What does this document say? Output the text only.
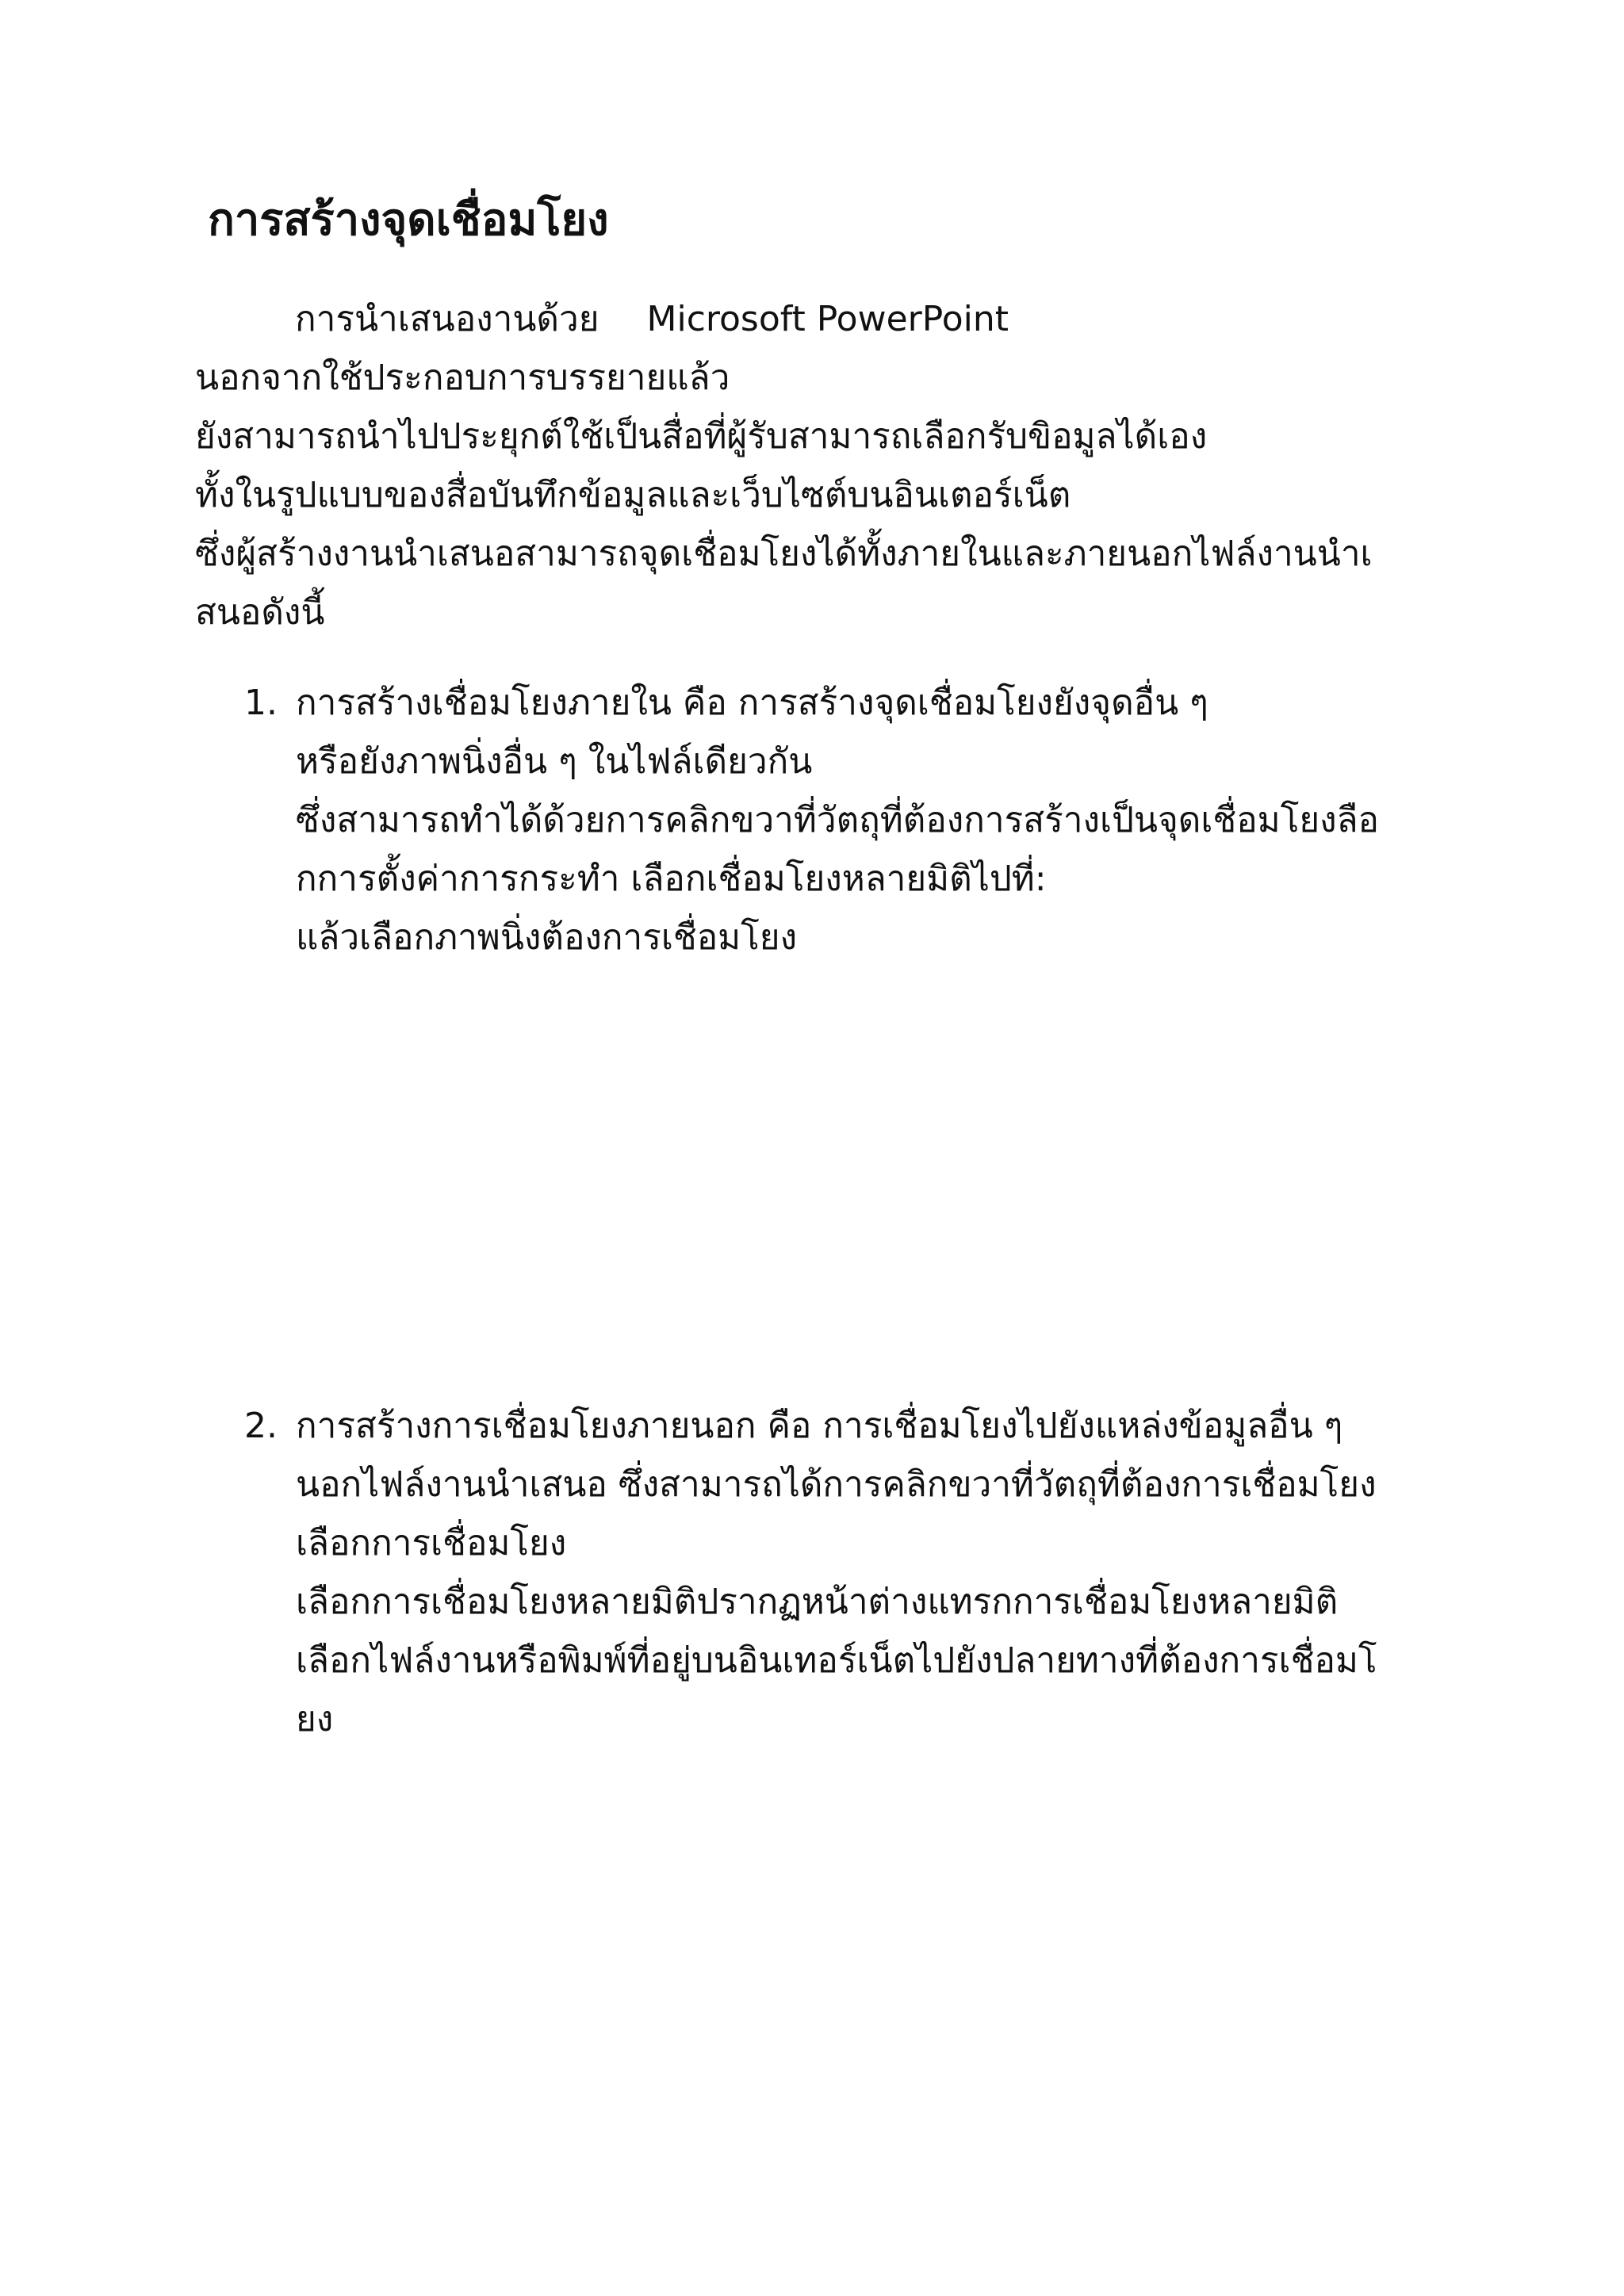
การสร้างจุดเชื่อมโยง
การนำเสนองานด้วย Microsoft PowerPoint
นอกจากใช้ประกอบการบรรยายแล้ว
ยังสามารถนำไปประยุกต์ใช้เป็นสื่อที่ผู้รับสามารถเลือกรับขิอมูลได้เอง
ทั้งในรูปแบบของสื่อบันทึกข้อมูลและเว็บไซต์บนอินเตอร์เน็ต
ซึ่งผู้สร้างงานนำเสนอสามารถจุดเชื่อมโยงได้ทั้งภายในและภายนอกไฟล์งานนำเ
สนอดังนี้
1. การสร้างเชื่อมโยงภายใน คือ การสร้างจุดเชื่อมโยงยังจุดอื่น ๆ
หรือยังภาพนิ่งอื่น ๆ ในไฟล์เดียวกัน
ซึ่งสามารถทำได้ด้วยการคลิกขวาที่วัตถุที่ต้องการสร้างเป็นจุดเชื่อมโยงลือ
กการตั้งค่าการกระทำ เลือกเชื่อมโยงหลายมิติไปที่:
แล้วเลือกภาพนิ่งต้องการเชื่อมโยง
2. การสร้างการเชื่อมโยงภายนอก คือ การเชื่อมโยงไปยังแหล่งข้อมูลอื่น ๆ
นอกไฟล์งานนำเสนอ ซึ่งสามารถได้การคลิกขวาที่วัตถุที่ต้องการเชื่อมโยง
เลือกการเชื่อมโยง
เลือกการเชื่อมโยงหลายมิติปรากฏหน้าต่างแทรกการเชื่อมโยงหลายมิติ
เลือกไฟล์งานหรือพิมพ์ที่อยู่บนอินเทอร์เน็ตไปยังปลายทางที่ต้องการเชื่อมโ
ยง
